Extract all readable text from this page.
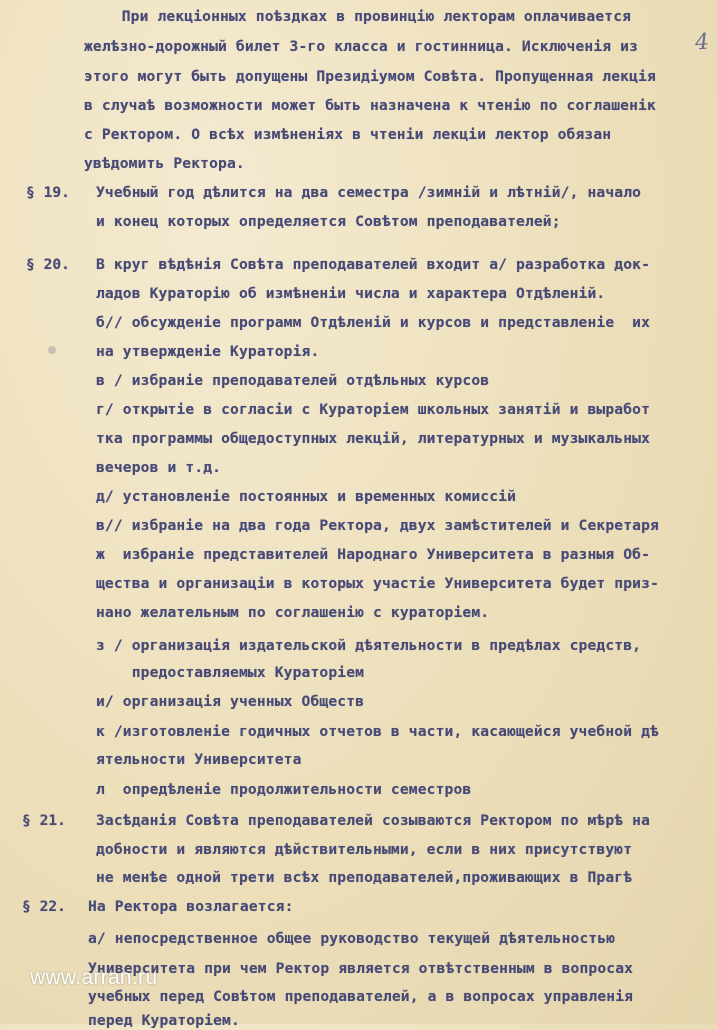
4
§ 19.
§ 20.
§ 21.
§ 22.
При лекціонных поѣздках в провинцію лекторам оплачивается
желѣзно-дорожный билет 3-го класса и гостинница. Исключенія из
этого могут быть допущены Президіумом Совѣта. Пропущенная лекція
в случаѣ возможности может быть назначена к чтенію по соглашенік
с Ректором. О всѣх измѣненіях в чтеніи лекціи лектор обязан
увѣдомить Ректора.
Учебный год дѣлится на два семестра /зимній и лѣтній/, начало
и конец которых определяется Совѣтом преподавателей;
В круг вѣдѣнія Совѣта преподавателей входит а/ разработка док-
ладов Кураторію об измѣненіи числа и характера Отдѣленій.
б// обсужденіе программ Отдѣленій и курсов и представленіе  их
на утвержденіе Кураторія.
в / избраніе преподавателей отдѣльных курсов
г/ открытіе в согласіи с Кураторіем школьных занятій и выработ
тка программы общедоступных лекцій, литературных и музыкальных
вечеров и т.д.
д/ установленіе постоянных и временных комиссій
в// избраніе на два года Ректора, двух замѣстителей и Секретаря
ж  избраніе представителей Народнаго Университета в разныя Об-
щества и организаціи в которых участіе Университета будет приз-
нано желательным по соглашенію с кураторіем.
з / организація издательской дѣятельности в предѣлах средств,
предоставляемых Кураторіем
и/ организація ученных Обществ
к /изготовленіе годичных отчетов в части, касающейся учебной дѣ
ятельности Университета
л  опредѣленіе продолжительности семестров
Засѣданія Совѣта преподавателей созываются Ректором по мѣрѣ на
добности и являются дѣйствительными, если в них присутствуют
не менѣе одной трети всѣх преподавателей,проживающих в Прагѣ
На Ректора возлагается:
а/ непосредственное общее руководство текущей дѣятельностью
Университета при чем Ректор является отвѣтственным в вопросах
учебных перед Совѣтом преподавателей, а в вопросах управленія
перед Кураторіем.
www.arran.ru
